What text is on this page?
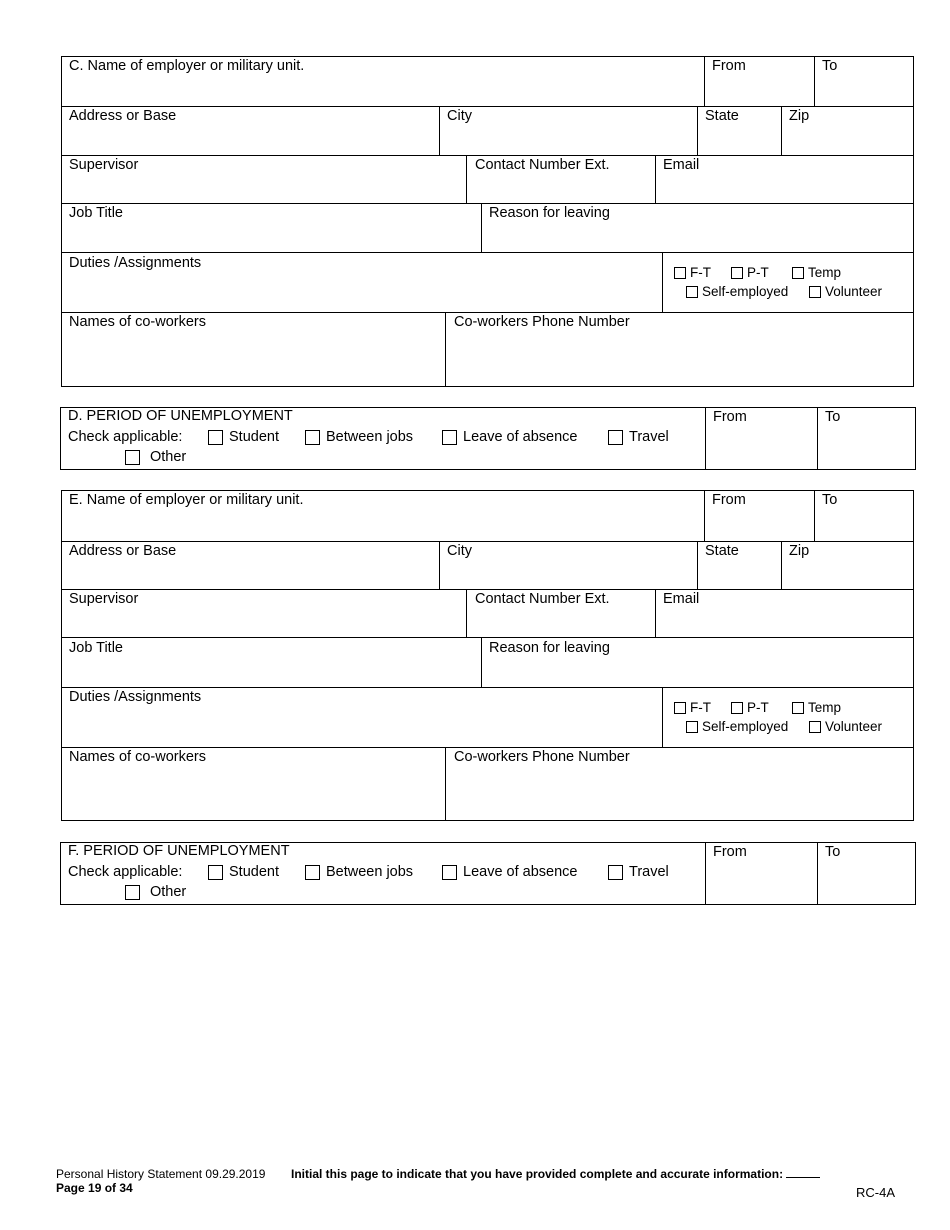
C. Name of employer or military unit.	From	To
Address or Base	City	State	Zip
Supervisor	Contact Number Ext.	Email
Job Title	Reason for leaving
Duties /Assignments
F-T	P-T	Temp
Self-employed	Volunteer
Names of co-workers	Co-workers Phone Number
D. PERIOD OF UNEMPLOYMENT
Check applicable:	Student	Between jobs	Leave of absence	Travel
Other
From	To
E. Name of employer or military unit.	From	To
Address or Base	City	State	Zip
Supervisor	Contact Number Ext.	Email
Job Title	Reason for leaving
Duties /Assignments
F-T	P-T	Temp
Self-employed	Volunteer
Names of co-workers	Co-workers Phone Number
F. PERIOD OF UNEMPLOYMENT
Check applicable:	Student	Between jobs	Leave of absence	Travel
Other
From	To
Personal History Statement 09.29.2019 Initial this page to indicate that you have provided complete and accurate information:
Page 19 of 34	RC-4A
